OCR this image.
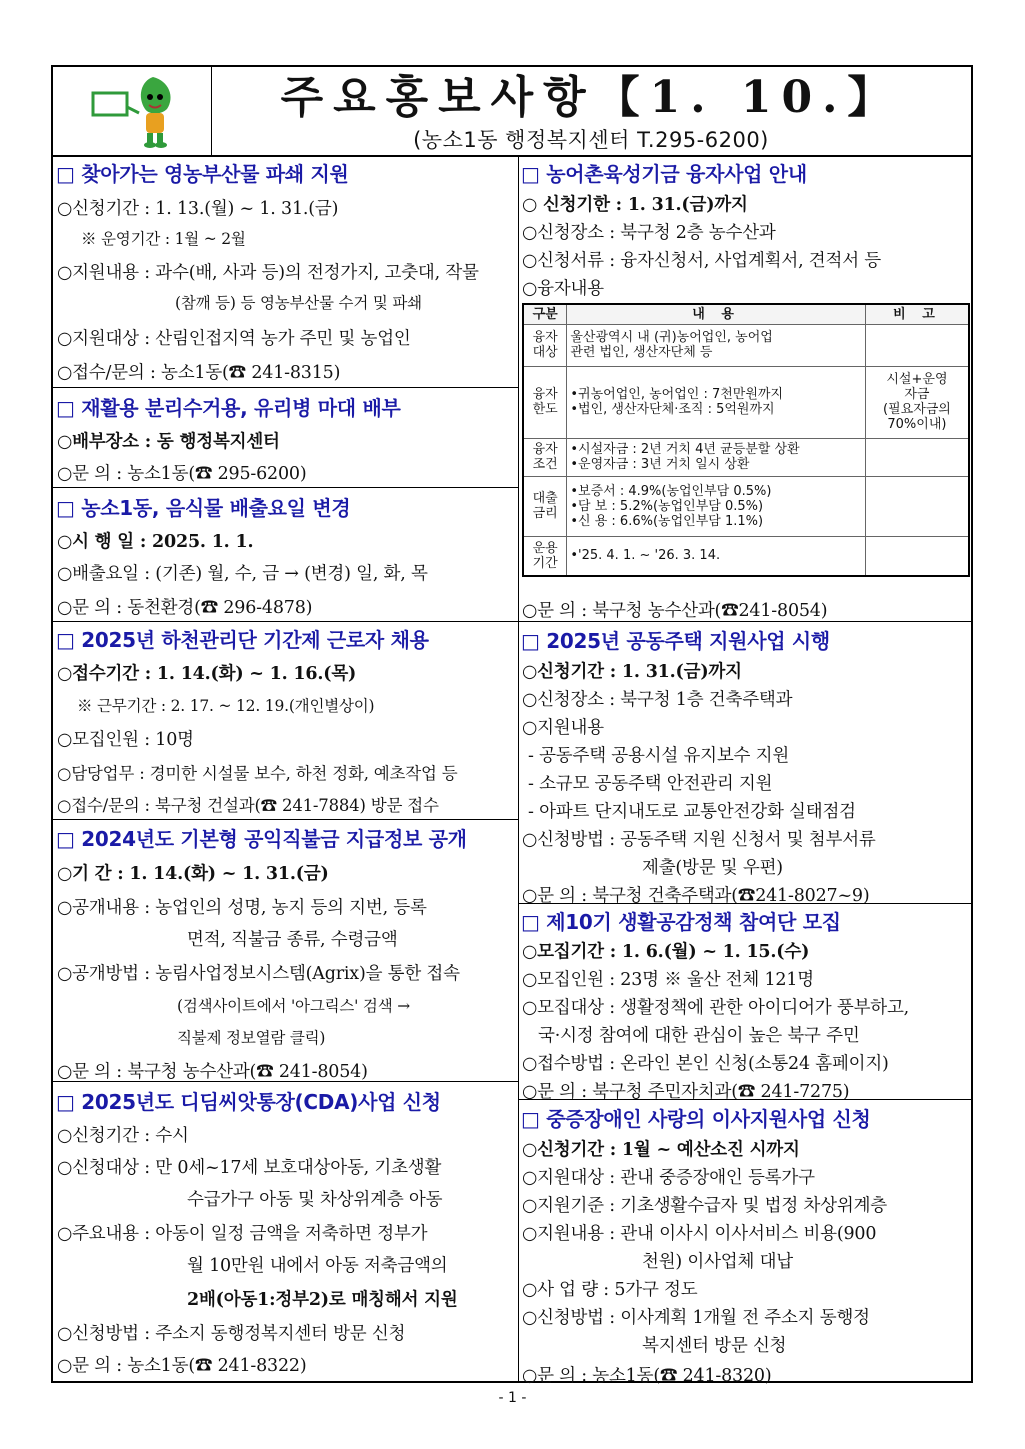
주요홍보사항【1. 10.】
(농소1동 행정복지센터 T.295-6200)
□ 찾아가는 영농부산물 파쇄 지원
○신청기간 : 1. 13.(월) ~ 1. 31.(금)
※ 운영기간 : 1월 ~ 2월
○지원내용 : 과수(배, 사과 등)의 전정가지, 고춧대, 작물
(참깨 등) 등 영농부산물 수거 및 파쇄
○지원대상 : 산림인접지역 농가 주민 및 농업인
○접수/문의 : 농소1동(☎ 241-8315)
□ 재활용 분리수거용, 유리병 마대 배부
○배부장소 : 동 행정복지센터
○문 의 : 농소1동(☎ 295-6200)
□ 농소1동, 음식물 배출요일 변경
○시 행 일 : 2025. 1. 1.
○배출요일 : (기존) 월, 수, 금 → (변경) 일, 화, 목
○문 의 : 동천환경(☎ 296-4878)
□ 2025년 하천관리단 기간제 근로자 채용
○접수기간 : 1. 14.(화) ~ 1. 16.(목)
※ 근무기간 : 2. 17. ~ 12. 19.(개인별상이)
○모집인원 : 10명
○담당업무 : 경미한 시설물 보수, 하천 정화, 예초작업 등
○접수/문의 : 북구청 건설과(☎ 241-7884) 방문 접수
□ 2024년도 기본형 공익직불금 지급정보 공개
○기 간 : 1. 14.(화) ~ 1. 31.(금)
○공개내용 : 농업인의 성명, 농지 등의 지번, 등록
면적, 직불금 종류, 수령금액
○공개방법 : 농림사업정보시스템(Agrix)을 통한 접속
(검색사이트에서 '아그릭스' 검색 →
직불제 정보열람 클릭)
○문 의 : 북구청 농수산과(☎ 241-8054)
□ 2025년도 디딤씨앗통장(CDA)사업 신청
○신청기간 : 수시
○신청대상 : 만 0세~17세 보호대상아동, 기초생활
수급가구 아동 및 차상위계층 아동
○주요내용 : 아동이 일정 금액을 저축하면 정부가
월 10만원 내에서 아동 저축금액의
2배(아동1:정부2)로 매칭해서 지원
○신청방법 : 주소지 동행정복지센터 방문 신청
○문 의 : 농소1동(☎ 241-8322)
□ 농어촌육성기금 융자사업 안내
○ 신청기한 : 1. 31.(금)까지
○신청장소 : 북구청 2층 농수산과
○신청서류 : 융자신청서, 사업계획서, 견적서 등
○융자내용
구분	내 용	비 고
융자
대상	울산광역시 내 (귀)농어업인, 농어업
관련 법인, 생산자단체 등	
융자
한도	•귀농어업인, 농어업인 : 7천만원까지
•법인, 생산자단체·조직 : 5억원까지	시설+운영
자금
(필요자금의
70%이내)
융자
조건	•시설자금 : 2년 거치 4년 균등분할 상환
•운영자금 : 3년 거치 일시 상환	
대출
금리	•보증서 : 4.9%(농업인부담 0.5%)
•담 보 : 5.2%(농업인부담 0.5%)
•신 용 : 6.6%(농업인부담 1.1%)	
운용
기간	•'25. 4. 1. ~ '26. 3. 14.	
○문 의 : 북구청 농수산과(☎241-8054)
□ 2025년 공동주택 지원사업 시행
○신청기간 : 1. 31.(금)까지
○신청장소 : 북구청 1층 건축주택과
○지원내용
- 공동주택 공용시설 유지보수 지원
- 소규모 공동주택 안전관리 지원
- 아파트 단지내도로 교통안전강화 실태점검
○신청방법 : 공동주택 지원 신청서 및 첨부서류
제출(방문 및 우편)
○문 의 : 북구청 건축주택과(☎241-8027~9)
□ 제10기 생활공감정책 참여단 모집
○모집기간 : 1. 6.(월) ~ 1. 15.(수)
○모집인원 : 23명 ※ 울산 전체 121명
○모집대상 : 생활정책에 관한 아이디어가 풍부하고,
국·시정 참여에 대한 관심이 높은 북구 주민
○접수방법 : 온라인 본인 신청(소통24 홈페이지)
○문 의 : 북구청 주민자치과(☎ 241-7275)
□ 중증장애인 사랑의 이사지원사업 신청
○신청기간 : 1월 ~ 예산소진 시까지
○지원대상 : 관내 중증장애인 등록가구
○지원기준 : 기초생활수급자 및 법정 차상위계층
○지원내용 : 관내 이사시 이사서비스 비용(900
천원) 이사업체 대납
○사 업 량 : 5가구 정도
○신청방법 : 이사계획 1개월 전 주소지 동행정
복지센터 방문 신청
○문 의 : 농소1동(☎ 241-8320)
- 1 -
